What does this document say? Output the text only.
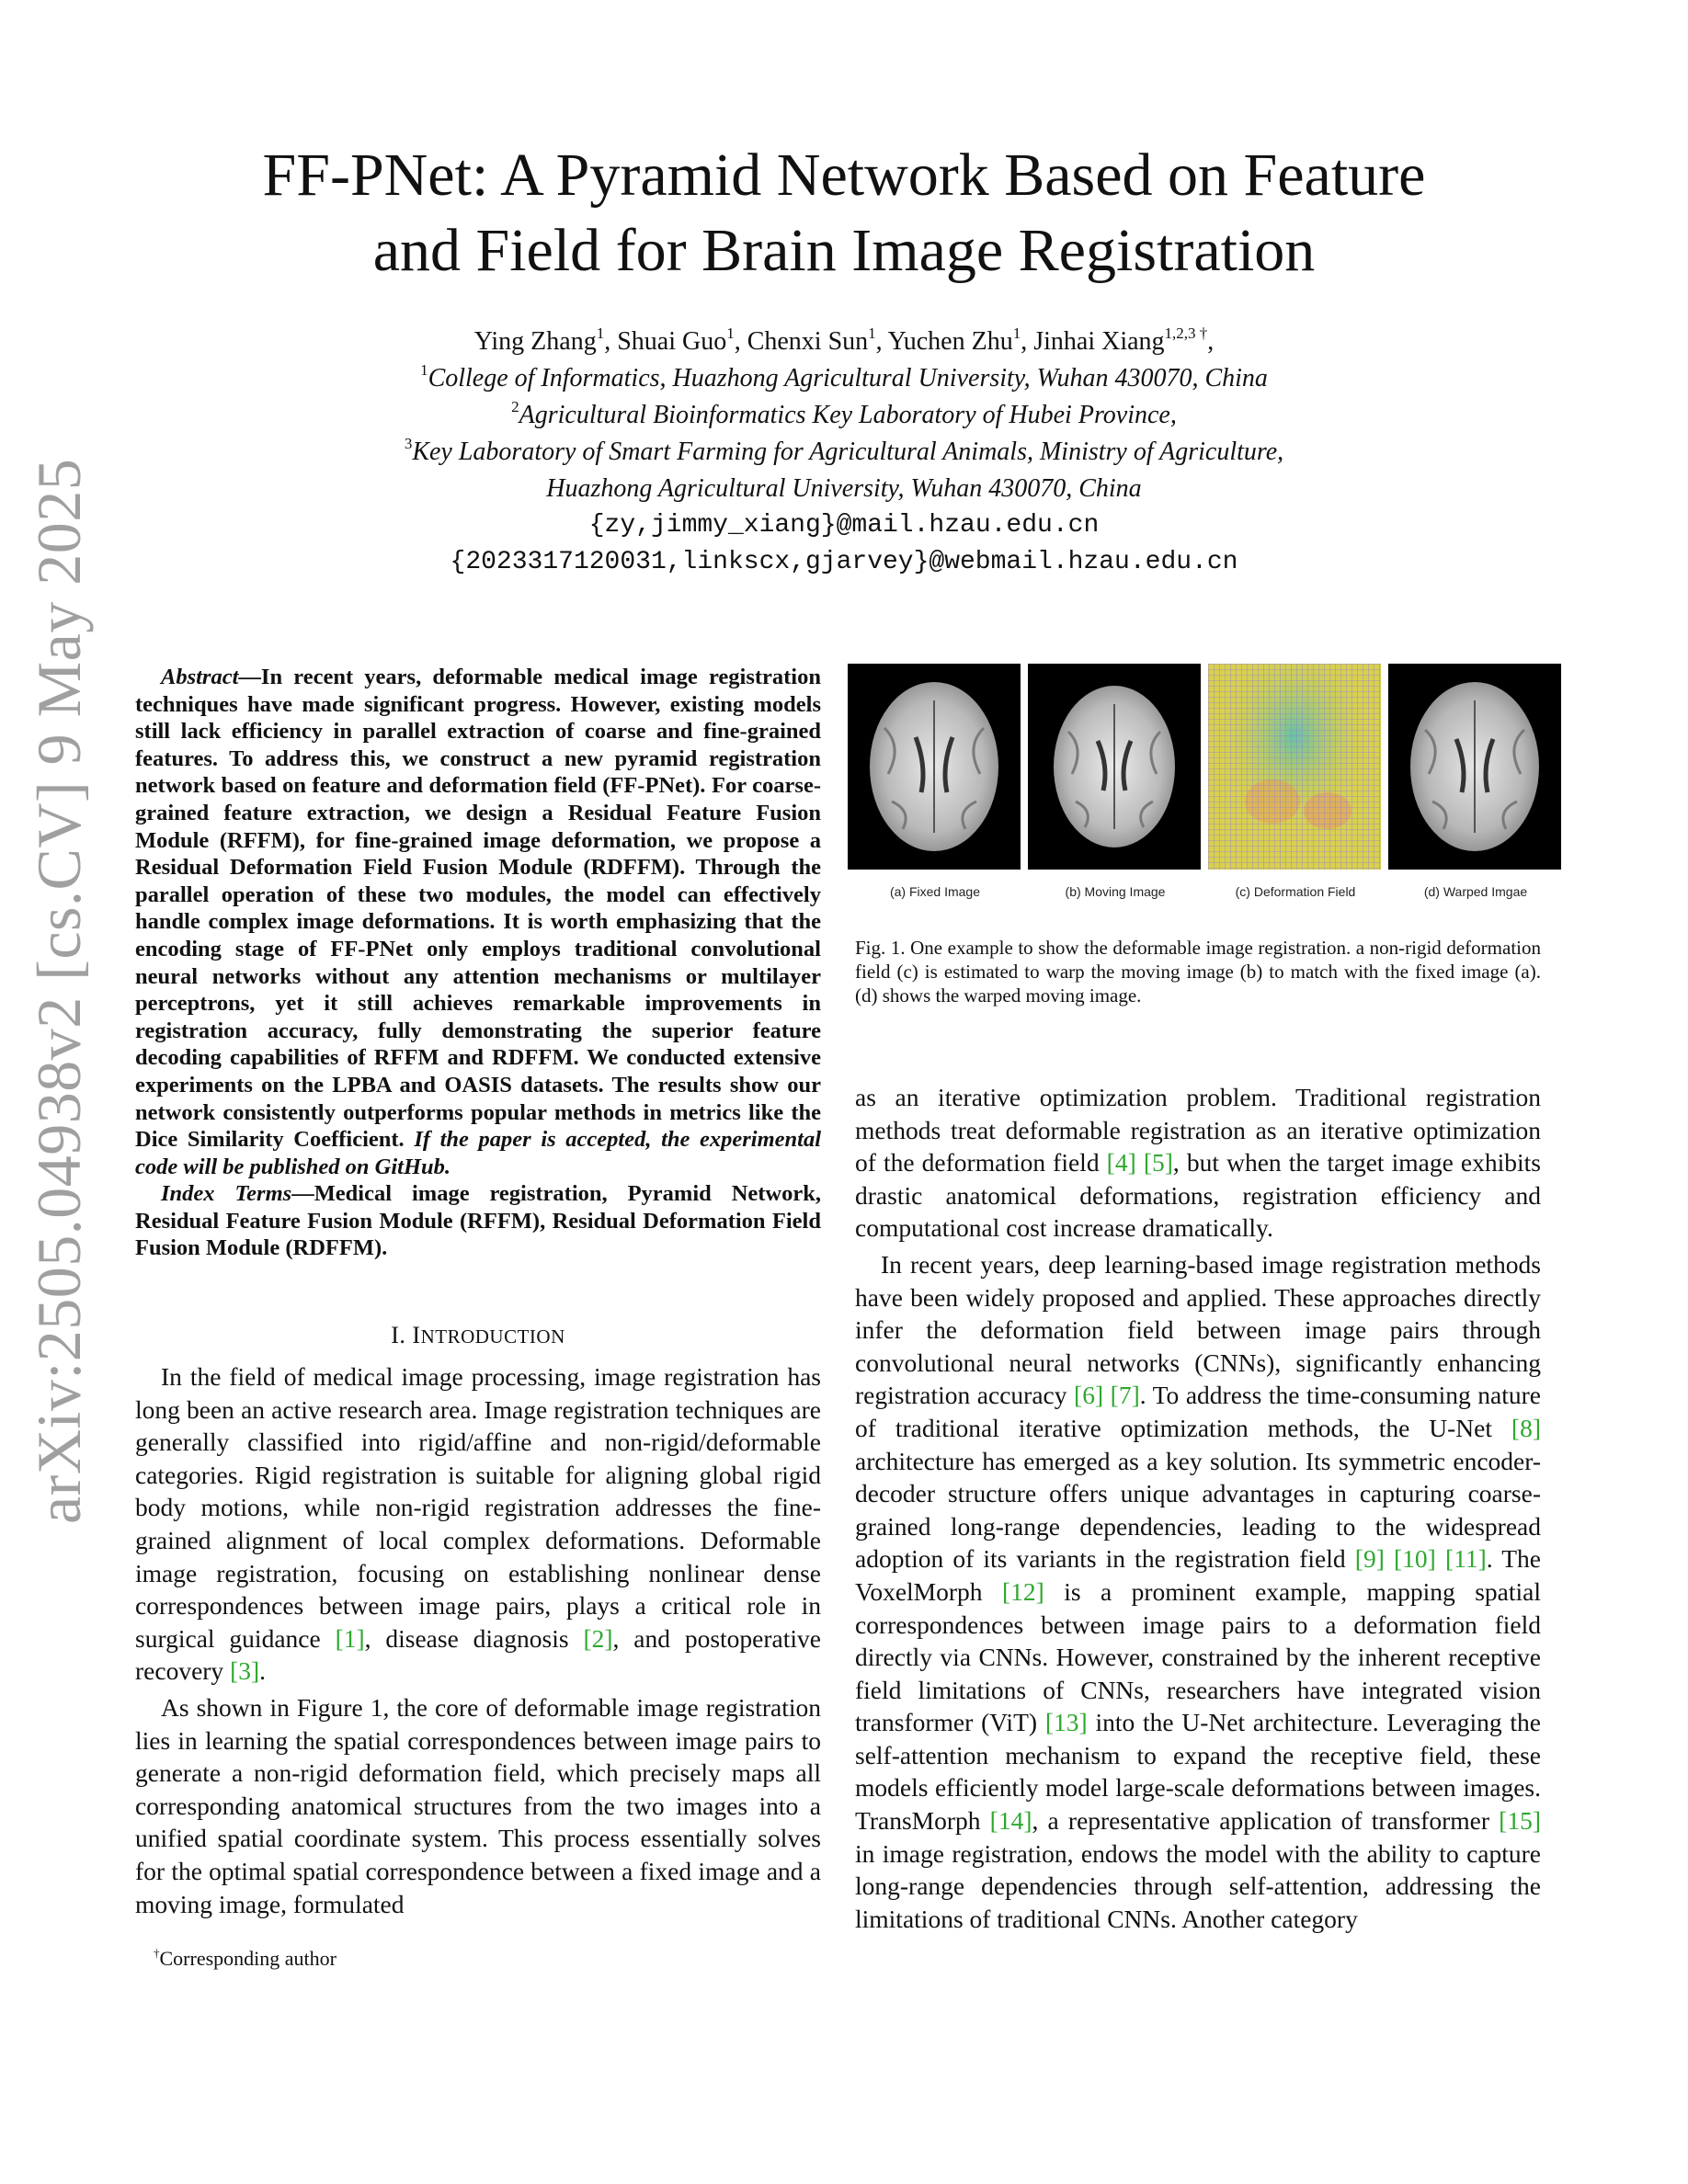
FF-PNet: A Pyramid Network Based on Feature
and Field for Brain Image Registration
Ying Zhang$^1$, Shuai Guo$^1$, Chenxi Sun$^1$, Yuchen Zhu$^1$, Jinhai Xiang$^{1,2,3 \dagger}$,
$^1$College of Informatics, Huazhong Agricultural University, Wuhan 430070, China
$^2$Agricultural Bioinformatics Key Laboratory of Hubei Province,
$^3$Key Laboratory of Smart Farming for Agricultural Animals, Ministry of Agriculture,
Huazhong Agricultural University, Wuhan 430070, China
{zy,jimmy_xiang}@mail.hzau.edu.cn
{2023317120031,linkscx,gjarvey}@webmail.hzau.edu.cn
arXiv:2505.04938v2 [cs.CV] 9 May 2025	Abstract—In recent years, deformable medical image registration techniques have made significant progress. However, existing models still lack efficiency in parallel extraction of coarse and fine-grained features. To address this, we construct a new pyramid registration network based on feature and deformation field (FF-PNet). For coarse-grained feature extraction, we design a Residual Feature Fusion Module (RFFM), for fine-grained image deformation, we propose a Residual Deformation Field Fusion Module (RDFFM). Through the parallel operation of these two modules, the model can effectively handle complex image deformations. It is worth emphasizing that the encoding stage of FF-PNet only employs traditional convolutional neural networks without any attention mechanisms or multilayer perceptrons, yet it still achieves remarkable improvements in registration accuracy, fully demonstrating the superior feature decoding capabilities of RFFM and RDFFM. We conducted extensive experiments on the LPBA and OASIS datasets. The results show our network consistently outperforms popular methods in metrics like the Dice Similarity Coefficient. If the paper is accepted, the experimental code will be published on GitHub.

Index Terms—Medical image registration, Pyramid Network, Residual Feature Fusion Module (RFFM), Residual Deformation Field Fusion Module (RDFFM).

I. INTRODUCTION

In the field of medical image processing, image registration has long been an active research area. Image registration techniques are generally classified into rigid/affine and non-rigid/deformable categories. Rigid registration is suitable for aligning global rigid body motions, while non-rigid registration addresses the fine-grained alignment of local complex deformations. Deformable image registration, focusing on establishing nonlinear dense correspondences between image pairs, plays a critical role in surgical guidance [1], disease diagnosis [2], and postoperative recovery [3].

As shown in Figure 1, the core of deformable image registration lies in learning the spatial correspondences between image pairs to generate a non-rigid deformation field, which precisely maps all corresponding anatomical structures from the two images into a unified spatial coordinate system. This process essentially solves for the optimal spatial correspondence between a fixed image and a moving image, formulated

†Corresponding author
(a) Fixed Image	(b) Moving Image	(c) Deformation Field	(d) Warped Imgae
Fig. 1. One example to show the deformable image registration. a non-rigid deformation field (c) is estimated to warp the moving image (b) to match with the fixed image (a). (d) shows the warped moving image.

as an iterative optimization problem. Traditional registration methods treat deformable registration as an iterative optimization of the deformation field [4] [5], but when the target image exhibits drastic anatomical deformations, registration efficiency and computational cost increase dramatically.

In recent years, deep learning-based image registration methods have been widely proposed and applied. These approaches directly infer the deformation field between image pairs through convolutional neural networks (CNNs), significantly enhancing registration accuracy [6] [7]. To address the time-consuming nature of traditional iterative optimization methods, the U-Net [8] architecture has emerged as a key solution. Its symmetric encoder-decoder structure offers unique advantages in capturing coarse-grained long-range dependencies, leading to the widespread adoption of its variants in the registration field [9] [10] [11]. The VoxelMorph [12] is a prominent example, mapping spatial correspondences between image pairs to a deformation field directly via CNNs. However, constrained by the inherent receptive field limitations of CNNs, researchers have integrated vision transformer (ViT) [13] into the U-Net architecture. Leveraging the self-attention mechanism to expand the receptive field, these models efficiently model large-scale deformations between images. TransMorph [14], a representative application of transformer [15] in image registration, endows the model with the ability to capture long-range dependencies through self-attention, addressing the limitations of traditional CNNs. Another category
